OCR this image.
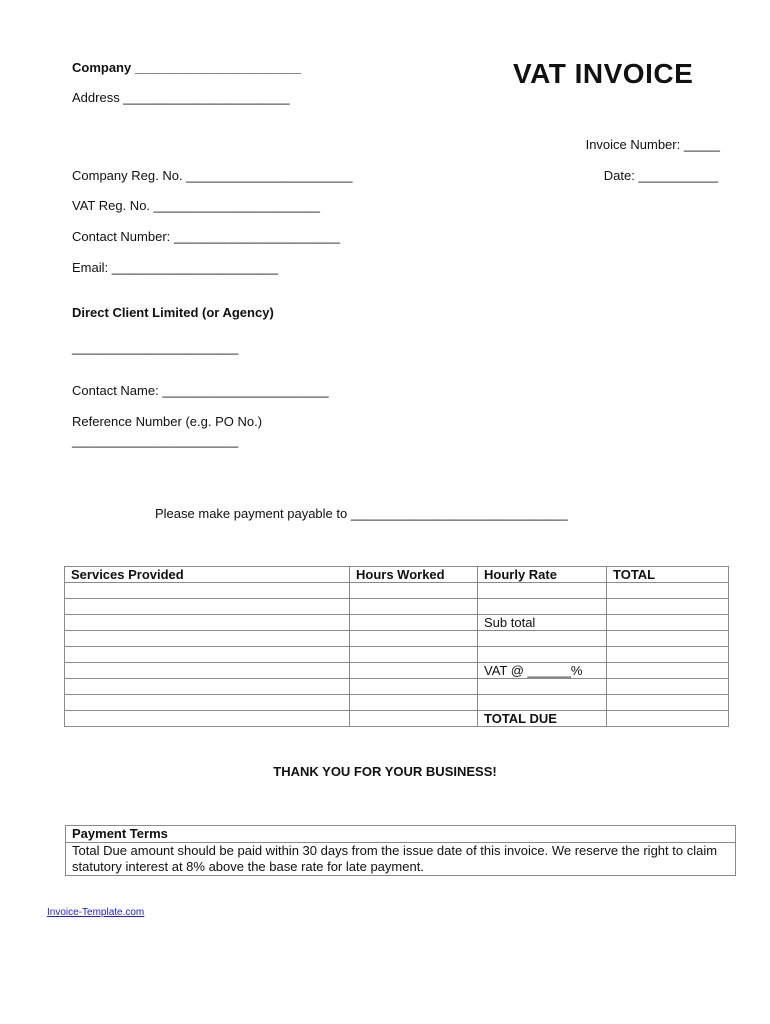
Company _______________________
Address _______________________
VAT INVOICE
Invoice Number: _____
Date: ___________
Company Reg. No. _______________________
VAT Reg. No. _______________________
Contact Number: _______________________
Email: _______________________
Direct Client Limited (or Agency)
_______________________
Contact Name: _______________________
Reference Number (e.g. PO No.)
_______________________
Please make payment payable to ______________________________
Services Provided	Hours Worked	Hourly Rate	TOTAL

		Sub total	

		VAT @ ______%	

		TOTAL DUE	
THANK YOU FOR YOUR BUSINESS!
Payment Terms
Total Due amount should be paid within 30 days from the issue date of this invoice. We reserve the right to claim statutory interest at 8% above the base rate for late payment.
Invoice-Template.com
